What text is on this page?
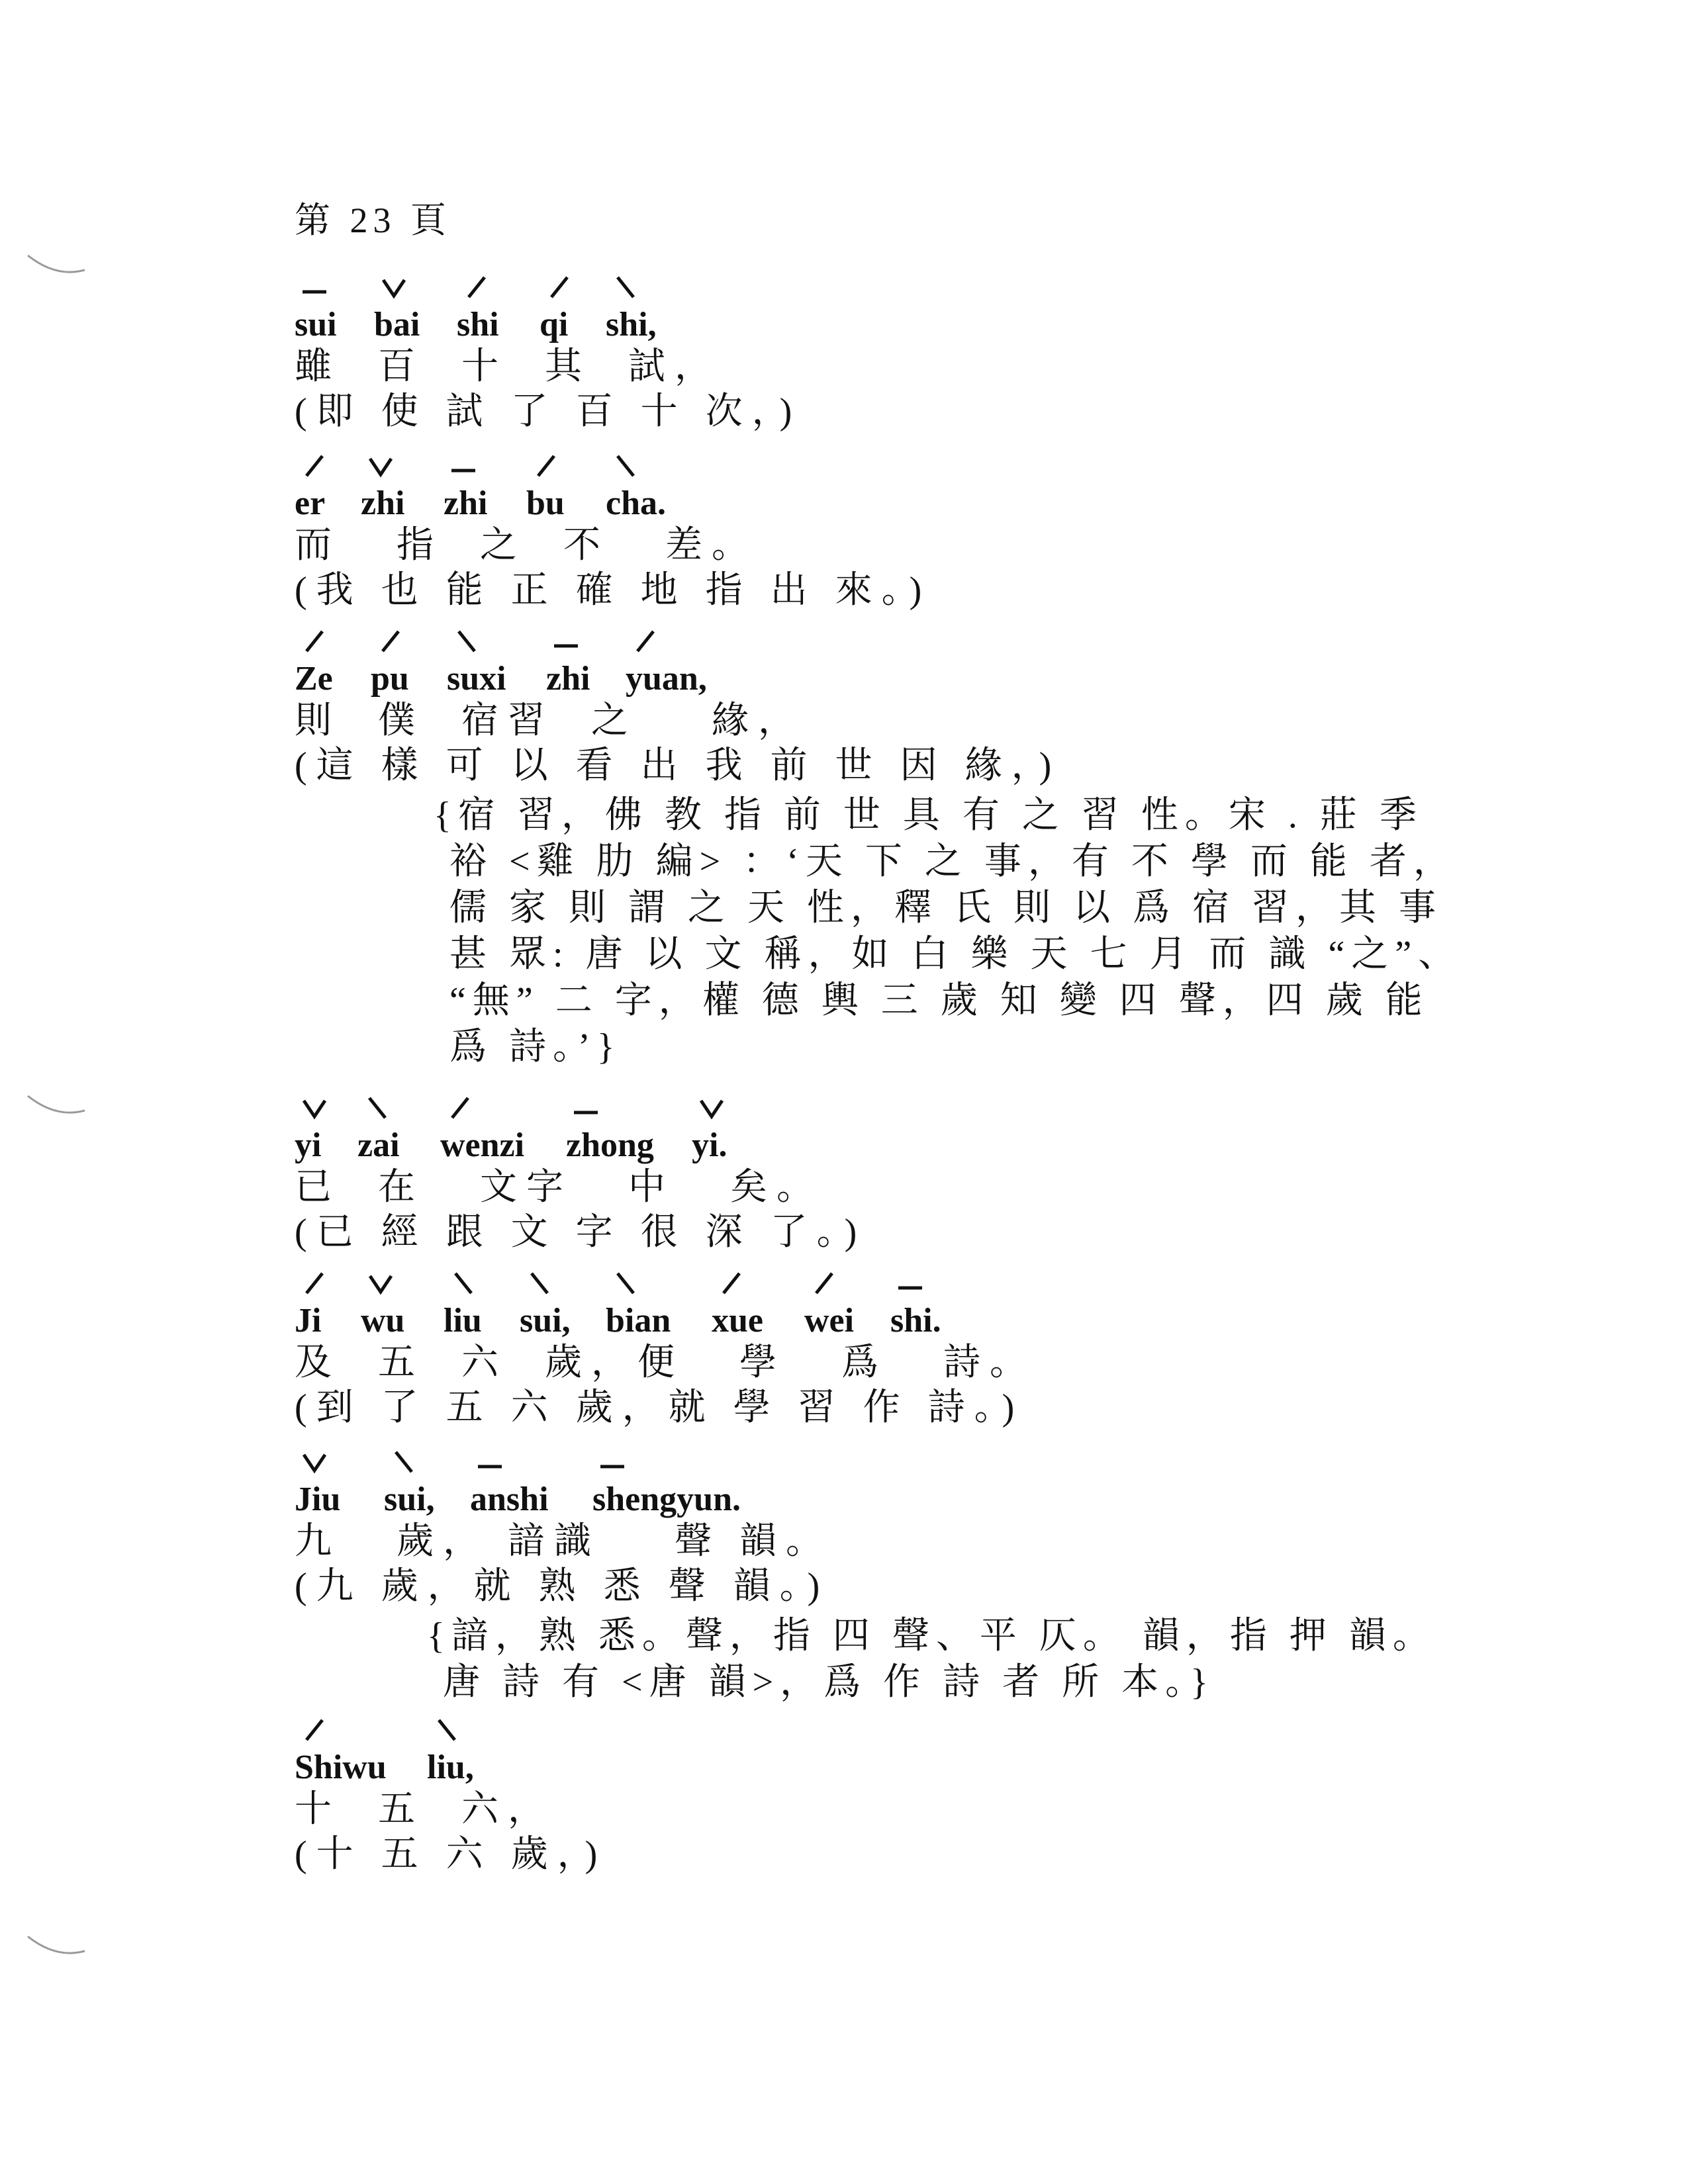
第 23 頁
sui bai shi qi shi,
雖  百  十  其  試，
(即 使 試 了 百 十 次，)
er zhi zhi bu cha.
而   指  之  不   差。
(我 也 能 正 確 地 指 出 來。)
Ze pu suxi zhi yuan,
則  僕  宿習  之    緣，
(這 樣 可 以 看 出 我 前 世 因 緣，)
{宿 習，佛 教 指 前 世 具 有 之 習 性。宋 . 莊 季
裕 <雞 肋 編> ：‘天 下 之 事，有 不 學 而 能 者，
儒 家 則 謂 之 天 性，釋 氏 則 以 爲 宿 習，其 事
甚 眾: 唐 以 文 稱，如 白 樂 天 七 月 而 識 “之”、
“無” 二 字，權 德 輿 三 歲 知 變 四 聲，四 歲 能
爲 詩。’}
yi zai wenzi zhong yi.
已  在   文字   中   矣。
(已 經 跟 文 字 很 深 了。)
Ji wu liu sui, bian xue wei shi.
及  五  六  歲，便   學   爲   詩。
(到 了 五 六 歲，就 學 習 作 詩。)
Jiu sui, anshi shengyun.
九   歲， 諳識    聲 韻。
(九 歲，就 熟 悉 聲 韻。)
{諳，熟 悉。聲，指 四 聲、平 仄。 韻，指 押 韻。
唐 詩 有 <唐 韻>，爲 作 詩 者 所 本。}
Shiwu liu,
十  五  六，
(十 五 六 歲，)
